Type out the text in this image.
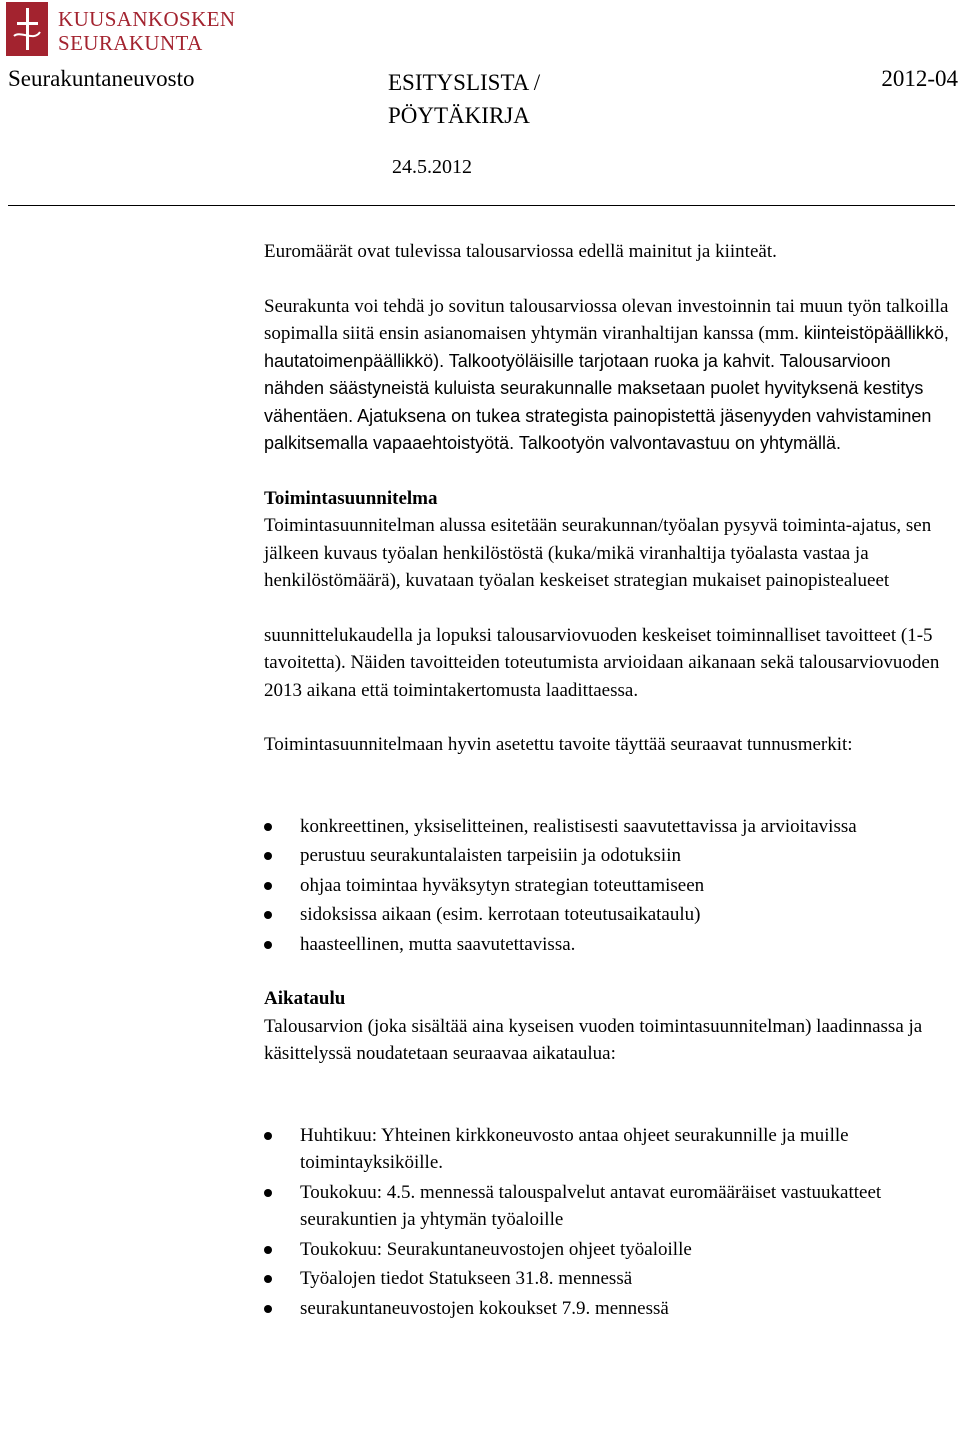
KUUSANKOSKEN
SEURAKUNTA
Seurakuntaneuvosto	ESITYSLISTA /
PÖYTÄKIRJA
2012-04
24.5.2012

Euromäärät ovat tulevissa talousarviossa edellä mainitut ja kiinteät.

Seurakunta voi tehdä jo sovitun talousarviossa olevan investoinnin tai muun työn talkoilla sopimalla siitä ensin asianomaisen yhtymän viranhaltijan kanssa (mm. kiinteistöpäällikkö, hautatoimenpäällikkö). Talkootyöläisille tarjotaan ruoka ja kahvit. Talousarvioon nähden säästyneistä kuluista seurakunnalle maksetaan puolet hyvityksenä kestitys vähentäen. Ajatuksena on tukea strategista painopistettä jäsenyyden vahvistaminen palkitsemalla vapaaehtoistyötä. Talkootyön valvontavastuu on yhtymällä.

Toimintasuunnitelma

Toimintasuunnitelman alussa esitetään seurakunnan/työalan pysyvä toiminta-ajatus, sen jälkeen kuvaus työalan henkilöstöstä (kuka/mikä viranhaltija työalasta vastaa ja henkilöstömäärä), kuvataan työalan keskeiset strategian mukaiset painopistealueet

suunnittelukaudella ja lopuksi talousarviovuoden keskeiset toiminnalliset tavoitteet (1-5 tavoitetta). Näiden tavoitteiden toteutumista arvioidaan aikanaan sekä talousarviovuoden 2013 aikana että toimintakertomusta laadittaessa.

Toimintasuunnitelmaan hyvin asetettu tavoite täyttää seuraavat tunnusmerkit:

konkreettinen, yksiselitteinen, realistisesti saavutettavissa ja arvioitavissa
perustuu seurakuntalaisten tarpeisiin ja odotuksiin
ohjaa toimintaa hyväksytyn strategian toteuttamiseen
sidoksissa aikaan (esim. kerrotaan toteutusaikataulu)
haasteellinen, mutta saavutettavissa.
Aikataulu

Talousarvion (joka sisältää aina kyseisen vuoden toimintasuunnitelman) laadinnassa ja käsittelyssä noudatetaan seuraavaa aikataulua:

Huhtikuu: Yhteinen kirkkoneuvosto antaa ohjeet seurakunnille ja muille toimintayksiköille.
Toukokuu: 4.5. mennessä talouspalvelut antavat euromääräiset vastuukatteet seurakuntien ja yhtymän työaloille
Toukokuu: Seurakuntaneuvostojen ohjeet työaloille
Työalojen tiedot Statukseen 31.8. mennessä
seurakuntaneuvostojen kokoukset 7.9. mennessä
